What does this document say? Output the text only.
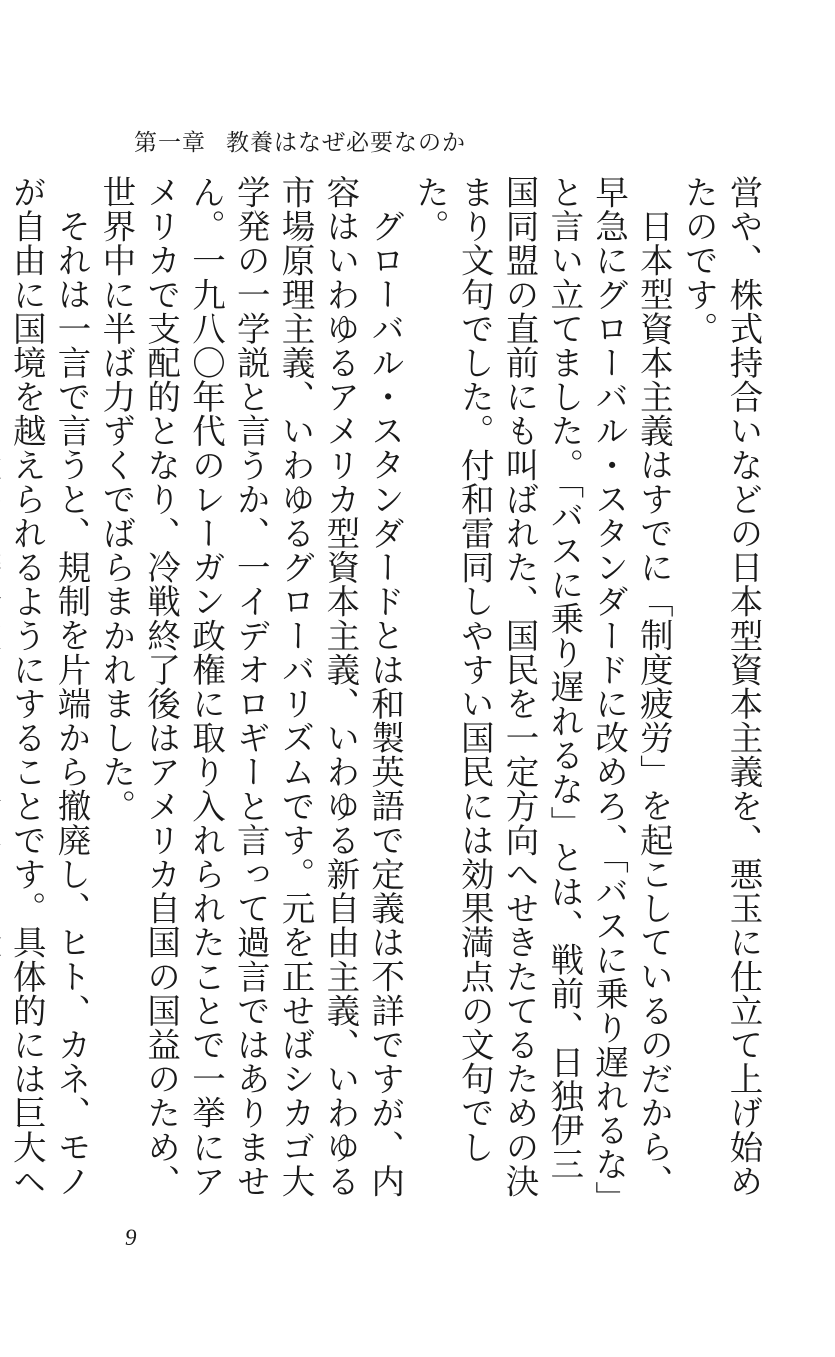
第一章 教養はなぜ必要なのか

営や、株式持合いなどの日本型資本主義を、悪玉に仕立て上げ始めたのです。

日本型資本主義はすでに「制度疲労」を起こしているのだから、早急にグローバル・スタンダードに改めろ、「バスに乗り遅れるな」と言い立てました。「バスに乗り遅れるな」とは、戦前、日独伊三国同盟の直前にも叫ばれた、国民を一定方向へせきたてるための決まり文句でした。付和雷同しやすい国民には効果満点の文句でした。

グローバル・スタンダードとは和製英語で定義は不詳ですが、内容はいわゆるアメリカ型資本主義、いわゆる新自由主義、いわゆる市場原理主義、いわゆるグローバリズムです。元を正せばシカゴ大学発の一学説と言うか、一イデオロギーと言って過言ではありません。一九八〇年代のレーガン政権に取り入れられたことで一挙にアメリカで支配的となり、冷戦終了後はアメリカ自国の国益のため、世界中に半ば力ずくでばらまかれました。

それは一言で言うと、規制を片端から撤廃し、ヒト、カネ、モノが自由に国境を越えられるようにすることです。具体的には巨大ヘ

9
